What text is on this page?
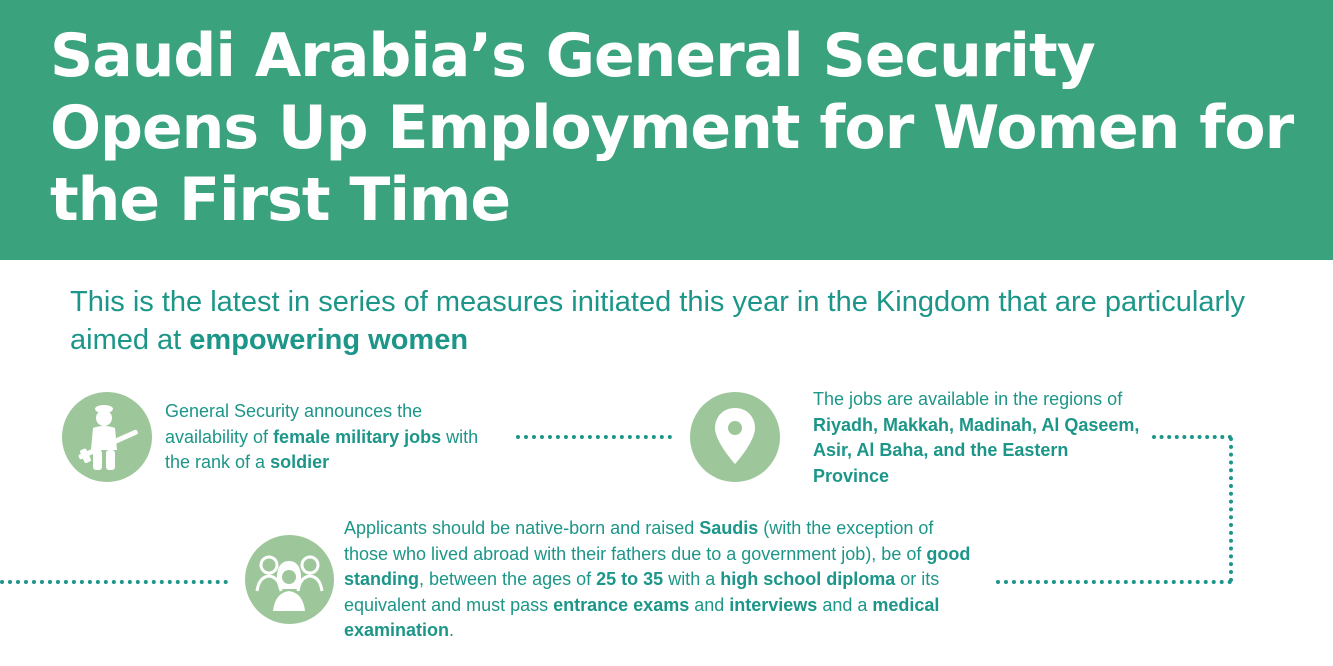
Saudi Arabia’s General Security Opens Up Employment for Women for the First Time
This is the latest in series of measures initiated this year in the Kingdom that are particularly aimed at empowering women
General Security announces the availability of female military jobs with the rank of a soldier
The jobs are available in the regions of Riyadh, Makkah, Madinah, Al Qaseem, Asir, Al Baha, and the Eastern Province
Applicants should be native-born and raised Saudis (with the exception of those who lived abroad with their fathers due to a government job), be of good standing, between the ages of 25 to 35 with a high school diploma or its equivalent and must pass entrance exams and interviews and a medical examination.
